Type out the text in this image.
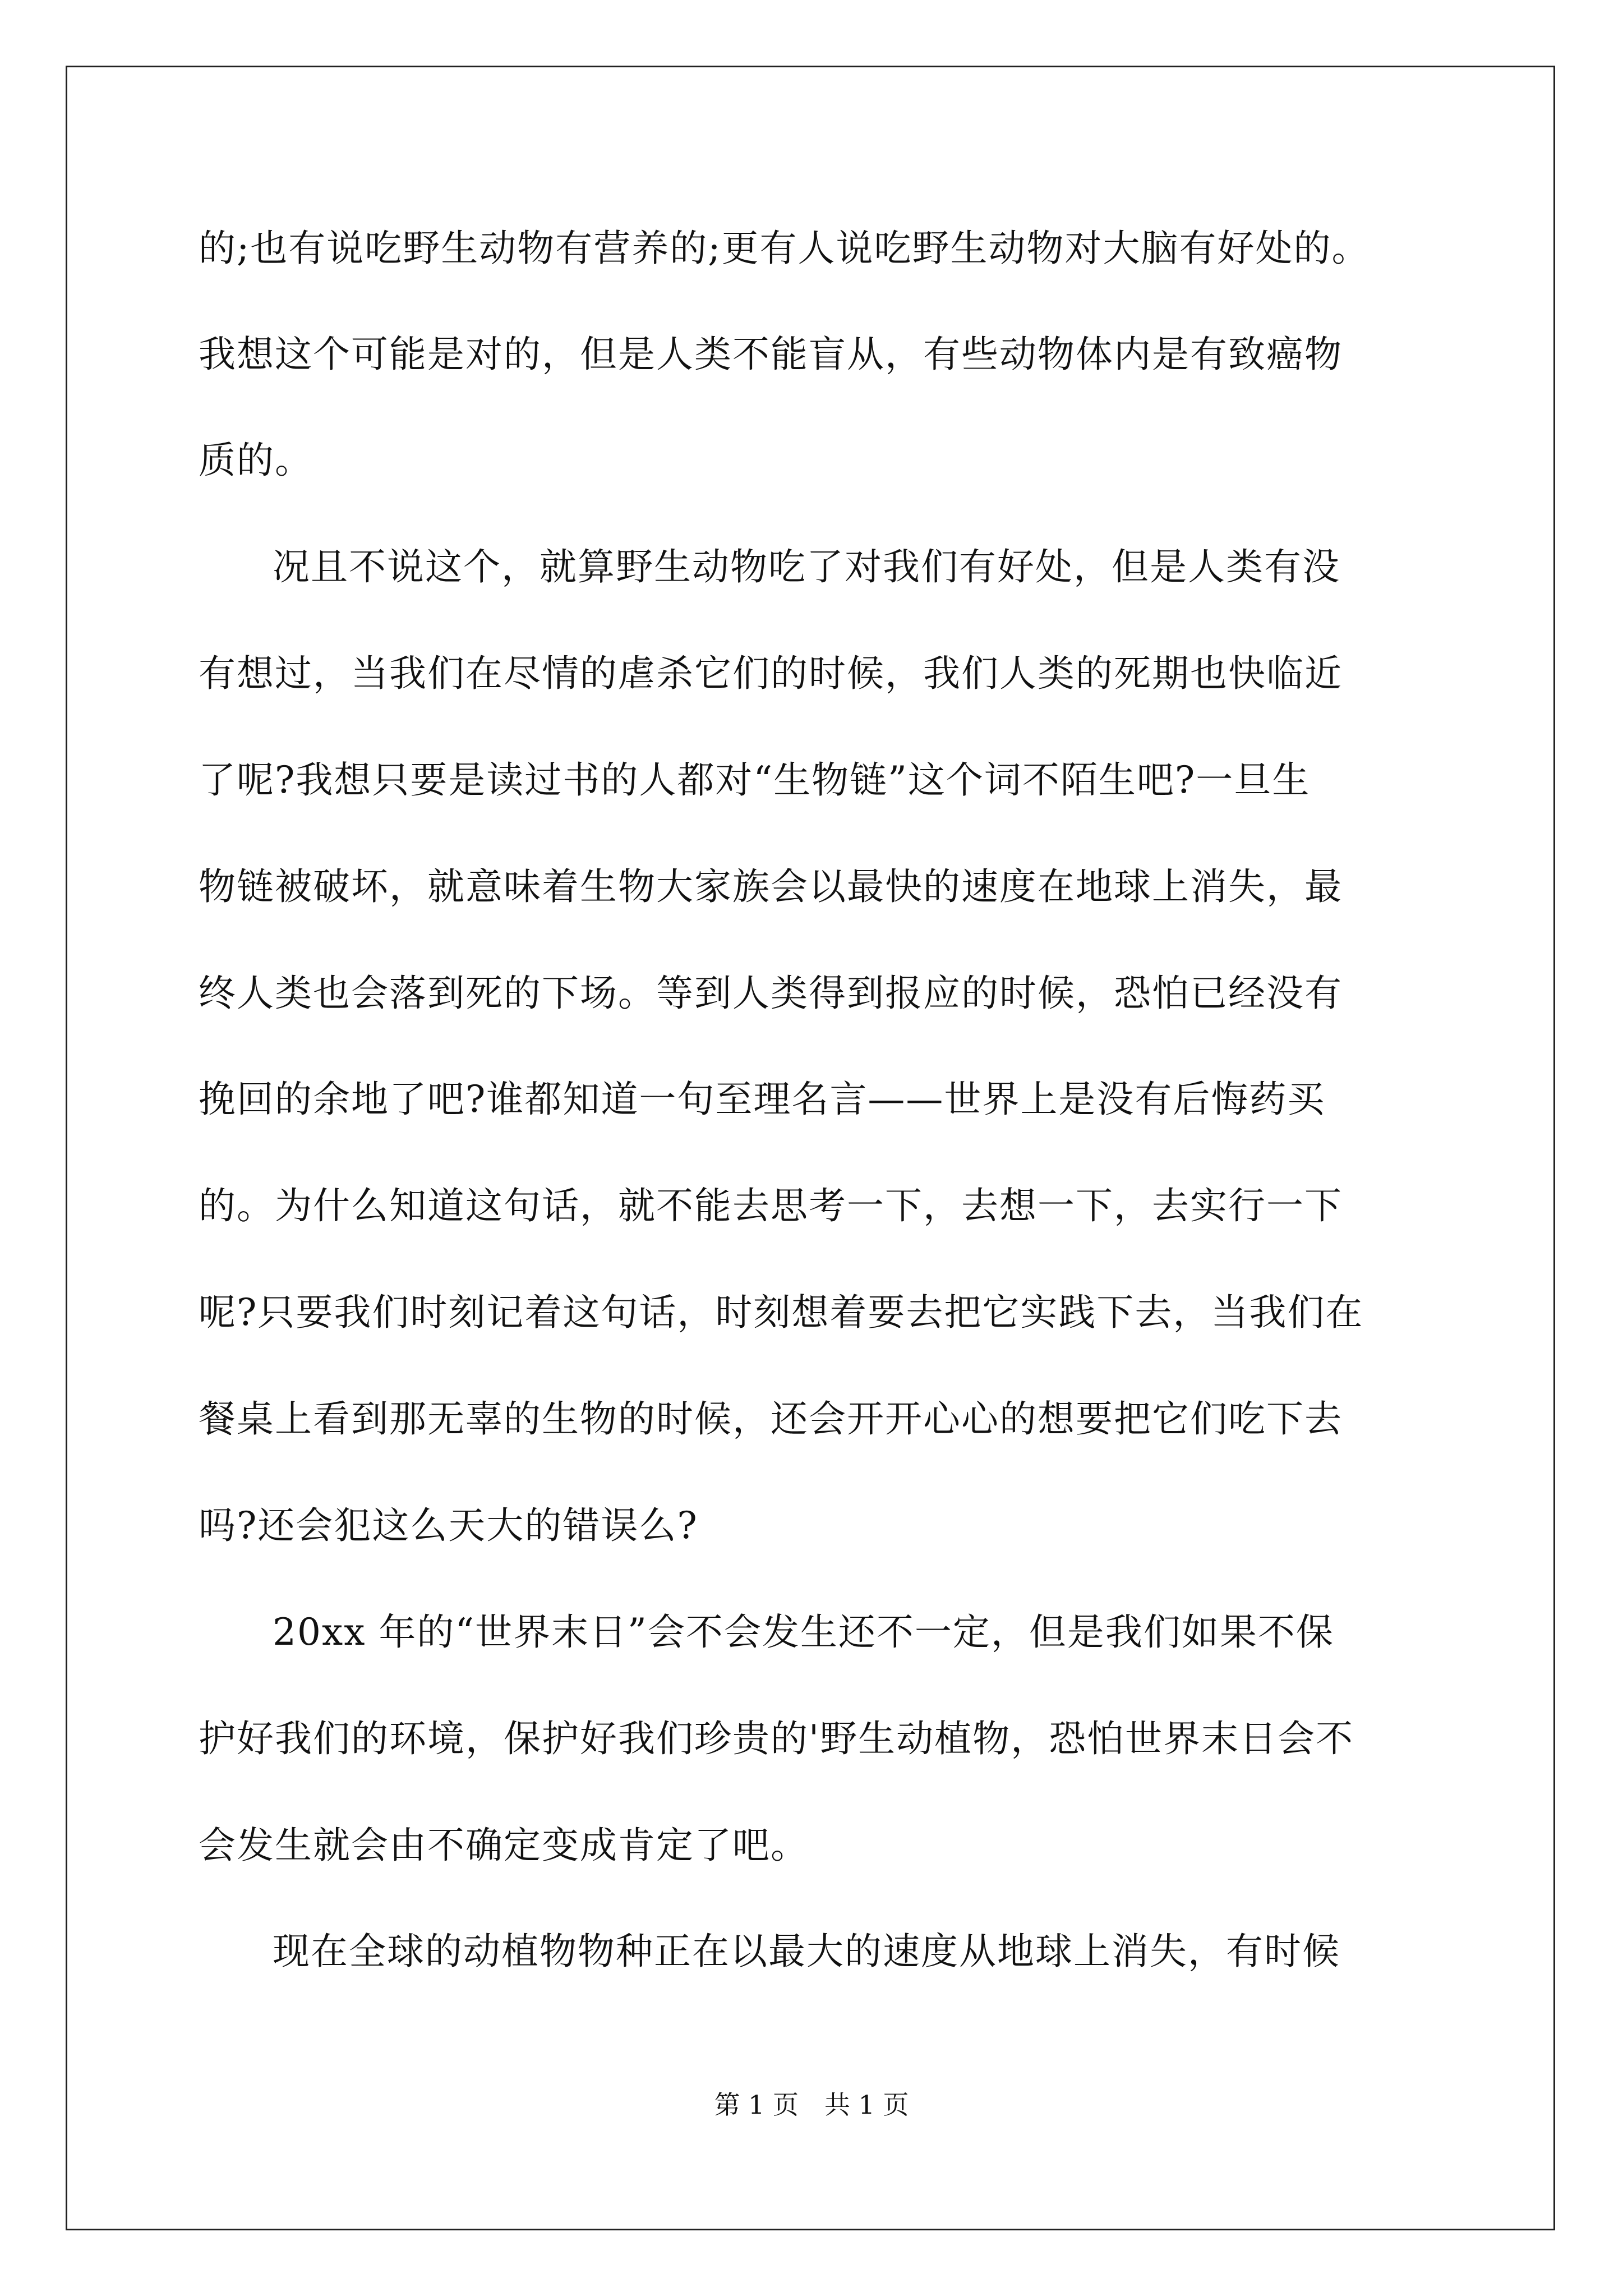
的;也有说吃野生动物有营养的;更有人说吃野生动物对大脑有好处的。
我想这个可能是对的，但是人类不能盲从，有些动物体内是有致癌物
质的。
况且不说这个，就算野生动物吃了对我们有好处，但是人类有没
有想过，当我们在尽情的虐杀它们的时候，我们人类的死期也快临近
了呢?我想只要是读过书的人都对“生物链”这个词不陌生吧?一旦生
物链被破坏，就意味着生物大家族会以最快的速度在地球上消失，最
终人类也会落到死的下场。等到人类得到报应的时候，恐怕已经没有
挽回的余地了吧?谁都知道一句至理名言——世界上是没有后悔药买
的。为什么知道这句话，就不能去思考一下，去想一下，去实行一下
呢?只要我们时刻记着这句话，时刻想着要去把它实践下去，当我们在
餐桌上看到那无辜的生物的时候，还会开开心心的想要把它们吃下去
吗?还会犯这么天大的错误么?
20xx 年的“世界末日”会不会发生还不一定，但是我们如果不保
护好我们的环境，保护好我们珍贵的'野生动植物，恐怕世界末日会不
会发生就会由不确定变成肯定了吧。
现在全球的动植物物种正在以最大的速度从地球上消失，有时候
第 1 页　共 1 页
